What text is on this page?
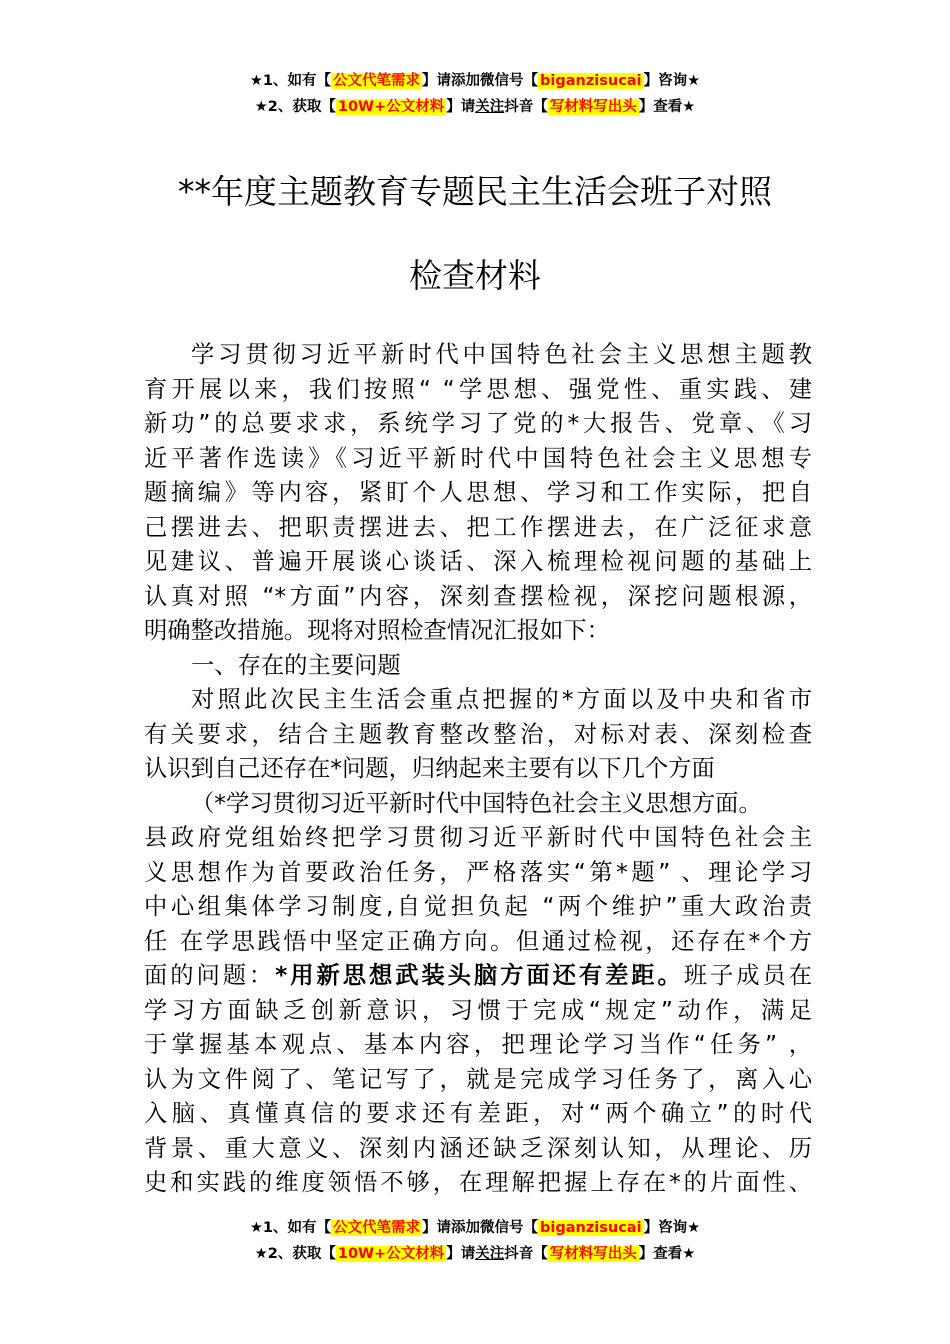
★1、如有【 公文代笔需求 】请添加微信号【 biganzisucai 】咨询★
★2、获取【 10W+公文材料 】请关注抖音【 写材料写出头 】查看★
**年度主题教育专题民主生活会班子对照
检查材料
学习贯彻习近平新时代中国特色社会主义思想主题教
育开展以来，我们按照“ “学思想、强党性、重实践、建
新功”的总要求求，系统学习了党的*大报告、党章、《习
近平著作选读》《习近平新时代中国特色社会主义思想专
题摘编》等内容，紧盯个人思想、学习和工作实际，把自
己摆进去、把职责摆进去、把工作摆进去，在广泛征求意
见建议、普遍开展谈心谈话、深入梳理检视问题的基础上
认真对照 “*方面”内容，深刻查摆检视，深挖问题根源，
明确整改措施。现将对照检查情况汇报如下：
一、存在的主要问题
对照此次民主生活会重点把握的*方面以及中央和省市
有关要求，结合主题教育整改整治，对标对表、深刻检查
认识到自己还存在*问题，归纳起来主要有以下几个方面
（*学习贯彻习近平新时代中国特色社会主义思想方面。
县政府党组始终把学习贯彻习近平新时代中国特色社会主
义思想作为首要政治任务，严格落实“第*题” 、理论学习
中心组集体学习制度,自觉担负起 “两个维护”重大政治责
任 在学思践悟中坚定正确方向。但通过检视，还存在*个方
面的问题：*用新思想武装头脑方面还有差距。班子成员在
学习方面缺乏创新意识，习惯于完成“规定”动作，满足
于掌握基本观点、基本内容，把理论学习当作“任务” ，
认为文件阅了、笔记写了，就是完成学习任务了，离入心
入脑、真懂真信的要求还有差距，对“两个确立”的时代
背景、重大意义、深刻内涵还缺乏深刻认知，从理论、历
史和实践的维度领悟不够，在理解把握上存在*的片面性、
★1、如有【 公文代笔需求 】请添加微信号【 biganzisucai 】咨询★
★2、获取【 10W+公文材料 】请关注抖音【 写材料写出头 】查看★
